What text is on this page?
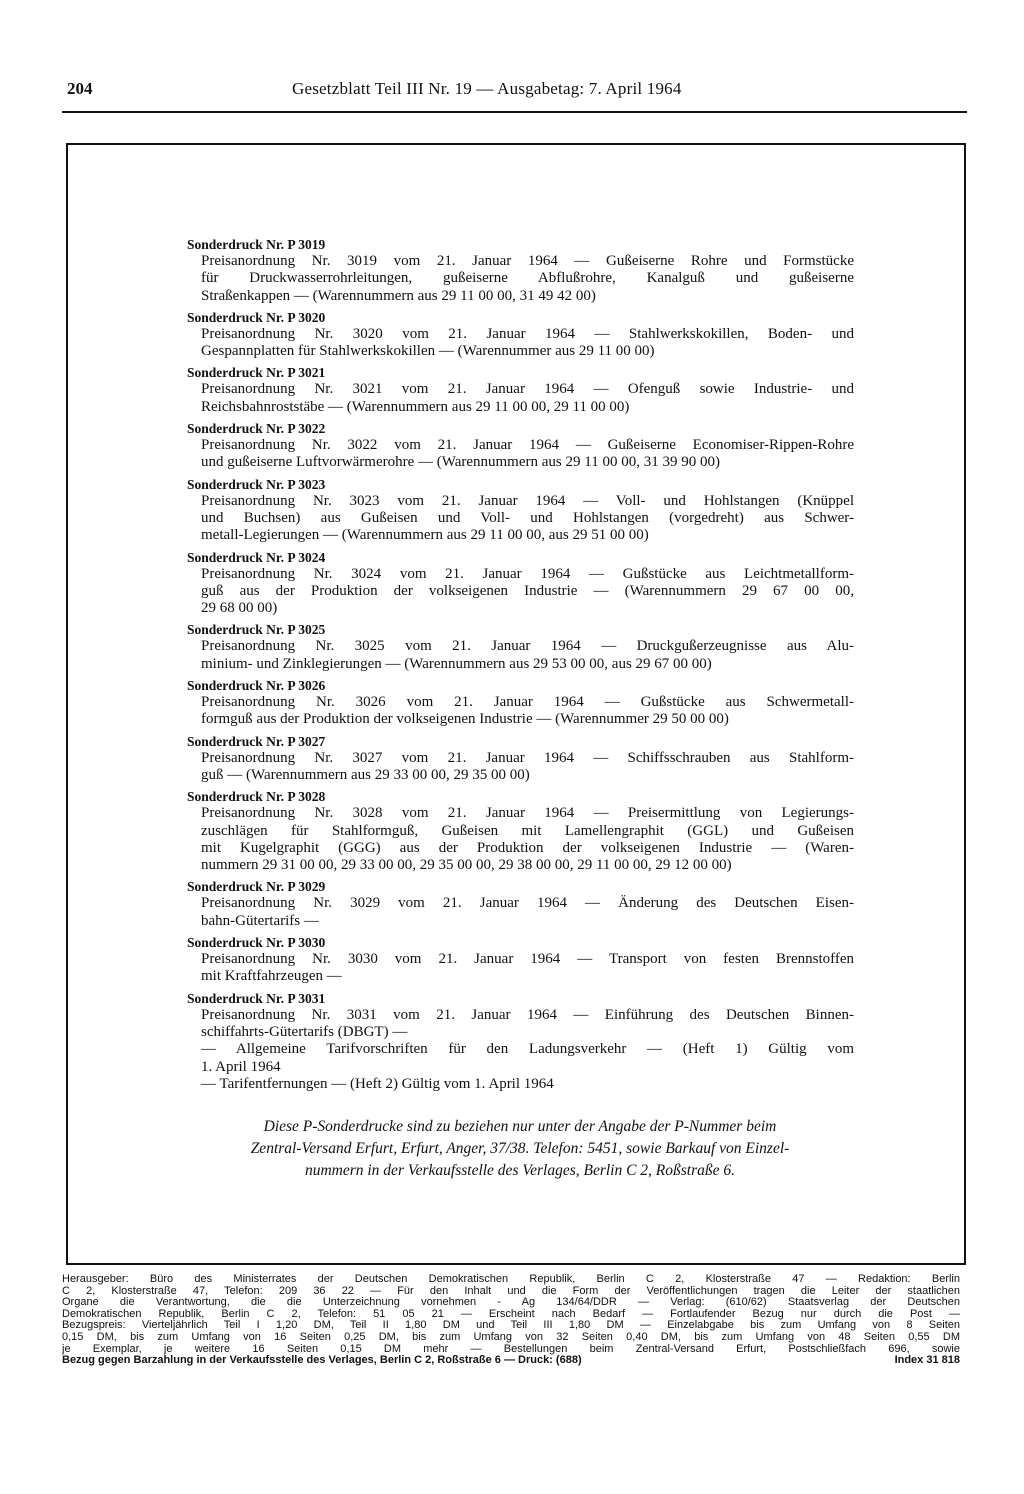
204	Gesetzblatt Teil III Nr. 19 — Ausgabetag: 7. April 1964
Sonderdruck Nr. P 3019
Preisanordnung Nr. 3019 vom 21. Januar 1964 — Gußeiserne Rohre und Formstücke
für Druckwasserrohrleitungen, gußeiserne Abflußrohre, Kanalguß und gußeiserne
Straßenkappen — (Warennummern aus 29 11 00 00, 31 49 42 00)
Sonderdruck Nr. P 3020
Preisanordnung Nr. 3020 vom 21. Januar 1964 — Stahlwerkskokillen, Boden- und
Gespannplatten für Stahlwerkskokillen — (Warennummer aus 29 11 00 00)
Sonderdruck Nr. P 3021
Preisanordnung Nr. 3021 vom 21. Januar 1964 — Ofenguß sowie Industrie- und
Reichsbahnroststäbe — (Warennummern aus 29 11 00 00, 29 11 00 00)
Sonderdruck Nr. P 3022
Preisanordnung Nr. 3022 vom 21. Januar 1964 — Gußeiserne Economiser-Rippen-Rohre
und gußeiserne Luftvorwärmerohre — (Warennummern aus 29 11 00 00, 31 39 90 00)
Sonderdruck Nr. P 3023
Preisanordnung Nr. 3023 vom 21. Januar 1964 — Voll- und Hohlstangen (Knüppel
und Buchsen) aus Gußeisen und Voll- und Hohlstangen (vorgedreht) aus Schwer-
metall-Legierungen — (Warennummern aus 29 11 00 00, aus 29 51 00 00)
Sonderdruck Nr. P 3024
Preisanordnung Nr. 3024 vom 21. Januar 1964 — Gußstücke aus Leichtmetallform-
guß aus der Produktion der volkseigenen Industrie — (Warennummern 29 67 00 00,
29 68 00 00)
Sonderdruck Nr. P 3025
Preisanordnung Nr. 3025 vom 21. Januar 1964 — Druckgußerzeugnisse aus Alu-
minium- und Zinklegierungen — (Warennummern aus 29 53 00 00, aus 29 67 00 00)
Sonderdruck Nr. P 3026
Preisanordnung Nr. 3026 vom 21. Januar 1964 — Gußstücke aus Schwermetall-
formguß aus der Produktion der volkseigenen Industrie — (Warennummer 29 50 00 00)
Sonderdruck Nr. P 3027
Preisanordnung Nr. 3027 vom 21. Januar 1964 — Schiffsschrauben aus Stahlform-
guß — (Warennummern aus 29 33 00 00, 29 35 00 00)
Sonderdruck Nr. P 3028
Preisanordnung Nr. 3028 vom 21. Januar 1964 — Preisermittlung von Legierungs-
zuschlägen für Stahlformguß, Gußeisen mit Lamellengraphit (GGL) und Gußeisen
mit Kugelgraphit (GGG) aus der Produktion der volkseigenen Industrie — (Waren-
nummern 29 31 00 00, 29 33 00 00, 29 35 00 00, 29 38 00 00, 29 11 00 00, 29 12 00 00)
Sonderdruck Nr. P 3029
Preisanordnung Nr. 3029 vom 21. Januar 1964 — Änderung des Deutschen Eisen-
bahn-Gütertarifs —
Sonderdruck Nr. P 3030
Preisanordnung Nr. 3030 vom 21. Januar 1964 — Transport von festen Brennstoffen
mit Kraftfahrzeugen —
Sonderdruck Nr. P 3031
Preisanordnung Nr. 3031 vom 21. Januar 1964 — Einführung des Deutschen Binnen-
schiffahrts-Gütertarifs (DBGT) —
— Allgemeine Tarifvorschriften für den Ladungsverkehr — (Heft 1) Gültig vom
1. April 1964
— Tarifentfernungen — (Heft 2) Gültig vom 1. April 1964
Diese P-Sonderdrucke sind zu beziehen nur unter der Angabe der P-Nummer beim
Zentral-Versand Erfurt, Erfurt, Anger, 37/38. Telefon: 5451, sowie Barkauf von Einzel-
nummern in der Verkaufsstelle des Verlages, Berlin C 2, Roßstraße 6.
Herausgeber: Büro des Ministerrates der Deutschen Demokratischen Republik, Berlin C 2, Klosterstraße 47 — Redaktion: Berlin
C 2, Klosterstraße 47, Telefon: 209 36 22 — Für den Inhalt und die Form der Veröffentlichungen tragen die Leiter der staatlichen
Organe die Verantwortung, die die Unterzeichnung vornehmen - Ag 134/64/DDR — Verlag: (610/62) Staatsverlag der Deutschen
Demokratischen Republik, Berlin C 2, Telefon: 51 05 21 — Erscheint nach Bedarf — Fortlaufender Bezug nur durch die Post —
Bezugspreis: Vierteljährlich Teil I 1,20 DM, Teil II 1,80 DM und Teil III 1,80 DM — Einzelabgabe bis zum Umfang von 8 Seiten
0,15 DM, bis zum Umfang von 16 Seiten 0,25 DM, bis zum Umfang von 32 Seiten 0,40 DM, bis zum Umfang von 48 Seiten 0,55 DM
je Exemplar, je weitere 16 Seiten 0,15 DM mehr — Bestellungen beim Zentral-Versand Erfurt, Postschließfach 696, sowie
Bezug gegen Barzahlung in der Verkaufsstelle des Verlages, Berlin C 2, Roßstraße 6 — Druck: (688)	Index 31 818
